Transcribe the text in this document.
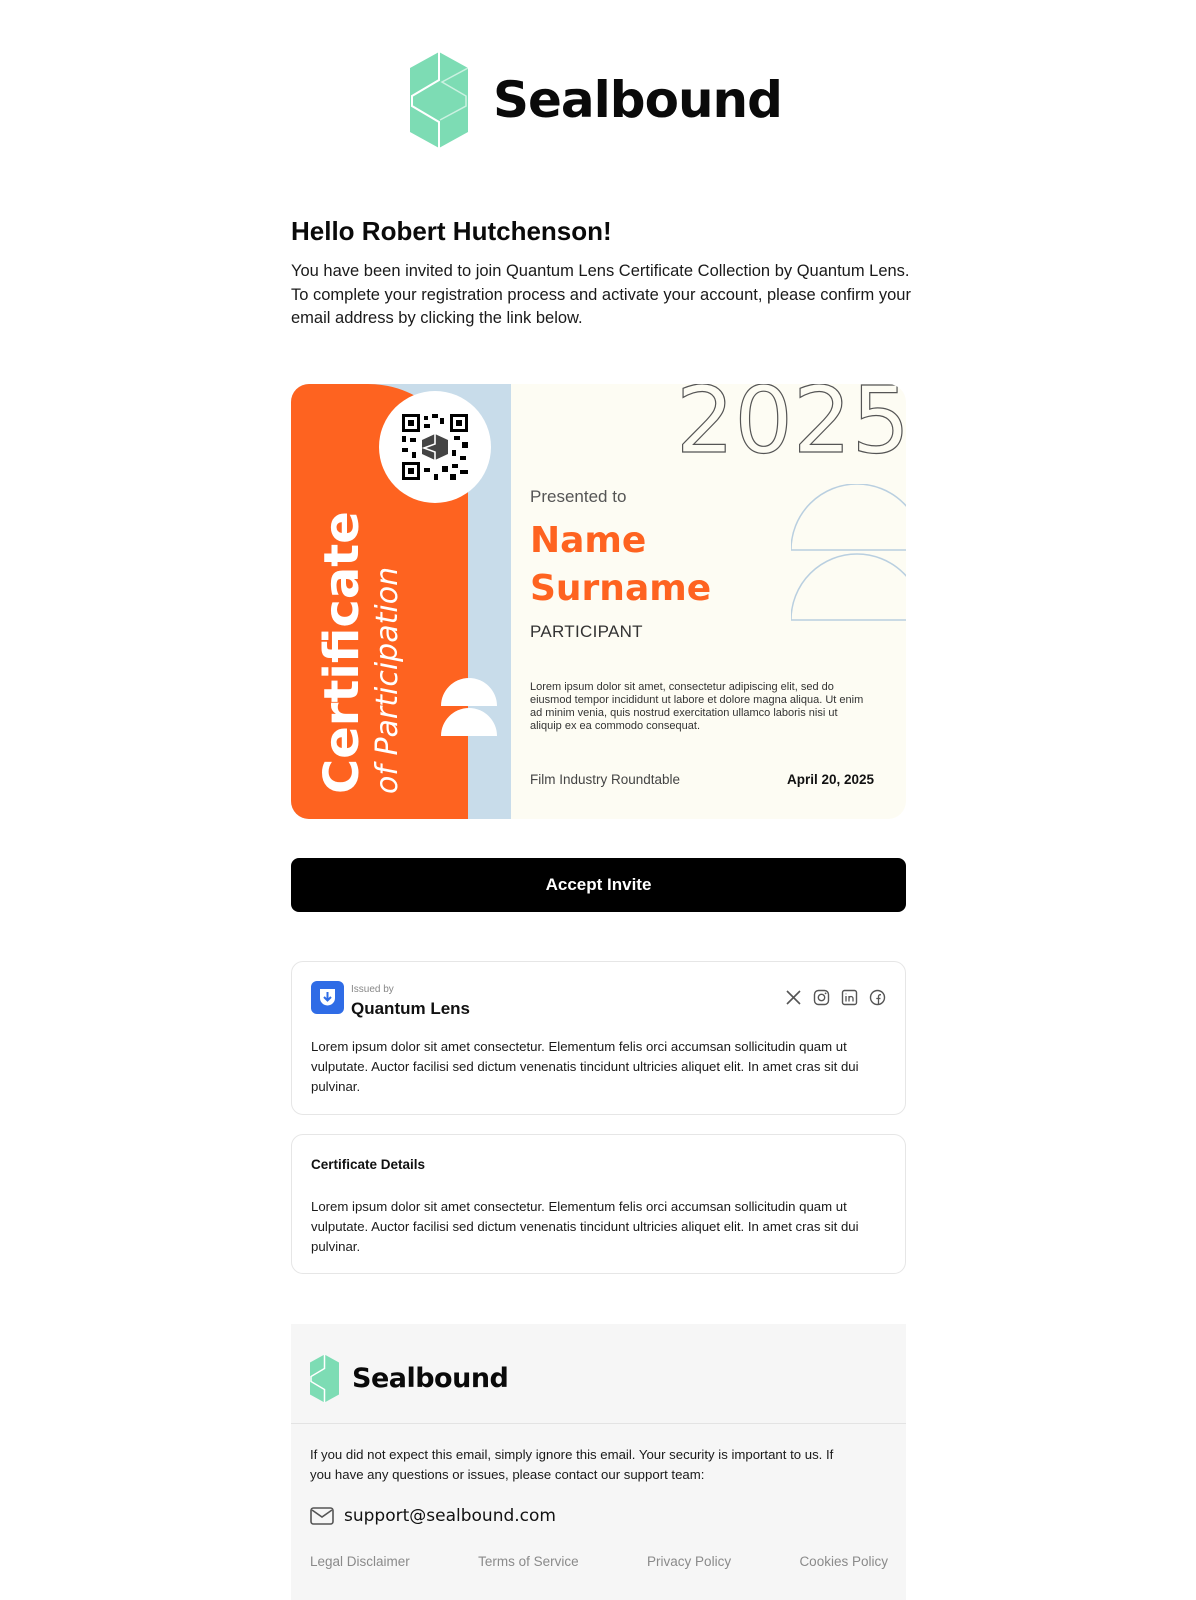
Sealbound
Hello Robert Hutchenson!
You have been invited to join Quantum Lens Certificate Collection by Quantum Lens. To complete your registration process and activate your account, please confirm your email address by clicking the link below.
Certificate of Participation
2025
Presented to
Name
Surname
PARTICIPANT
Lorem ipsum dolor sit amet, consectetur adipiscing elit, sed do eiusmod tempor incididunt ut labore et dolore magna aliqua. Ut enim ad minim venia, quis nostrud exercitation ullamco laboris nisi ut aliquip ex ea commodo consequat.
Film Industry Roundtable	April 20, 2025
Accept Invite
Issued by
Quantum Lens
Lorem ipsum dolor sit amet consectetur. Elementum felis orci accumsan sollicitudin quam ut vulputate. Auctor facilisi sed dictum venenatis tincidunt ultricies aliquet elit. In amet cras sit dui pulvinar.
Certificate Details
Lorem ipsum dolor sit amet consectetur. Elementum felis orci accumsan sollicitudin quam ut vulputate. Auctor facilisi sed dictum venenatis tincidunt ultricies aliquet elit. In amet cras sit dui pulvinar.
Sealbound
If you did not expect this email, simply ignore this email. Your security is important to us. If you have any questions or issues, please contact our support team:
support@sealbound.com
Legal Disclaimer	Terms of Service	Privacy Policy	Cookies Policy
